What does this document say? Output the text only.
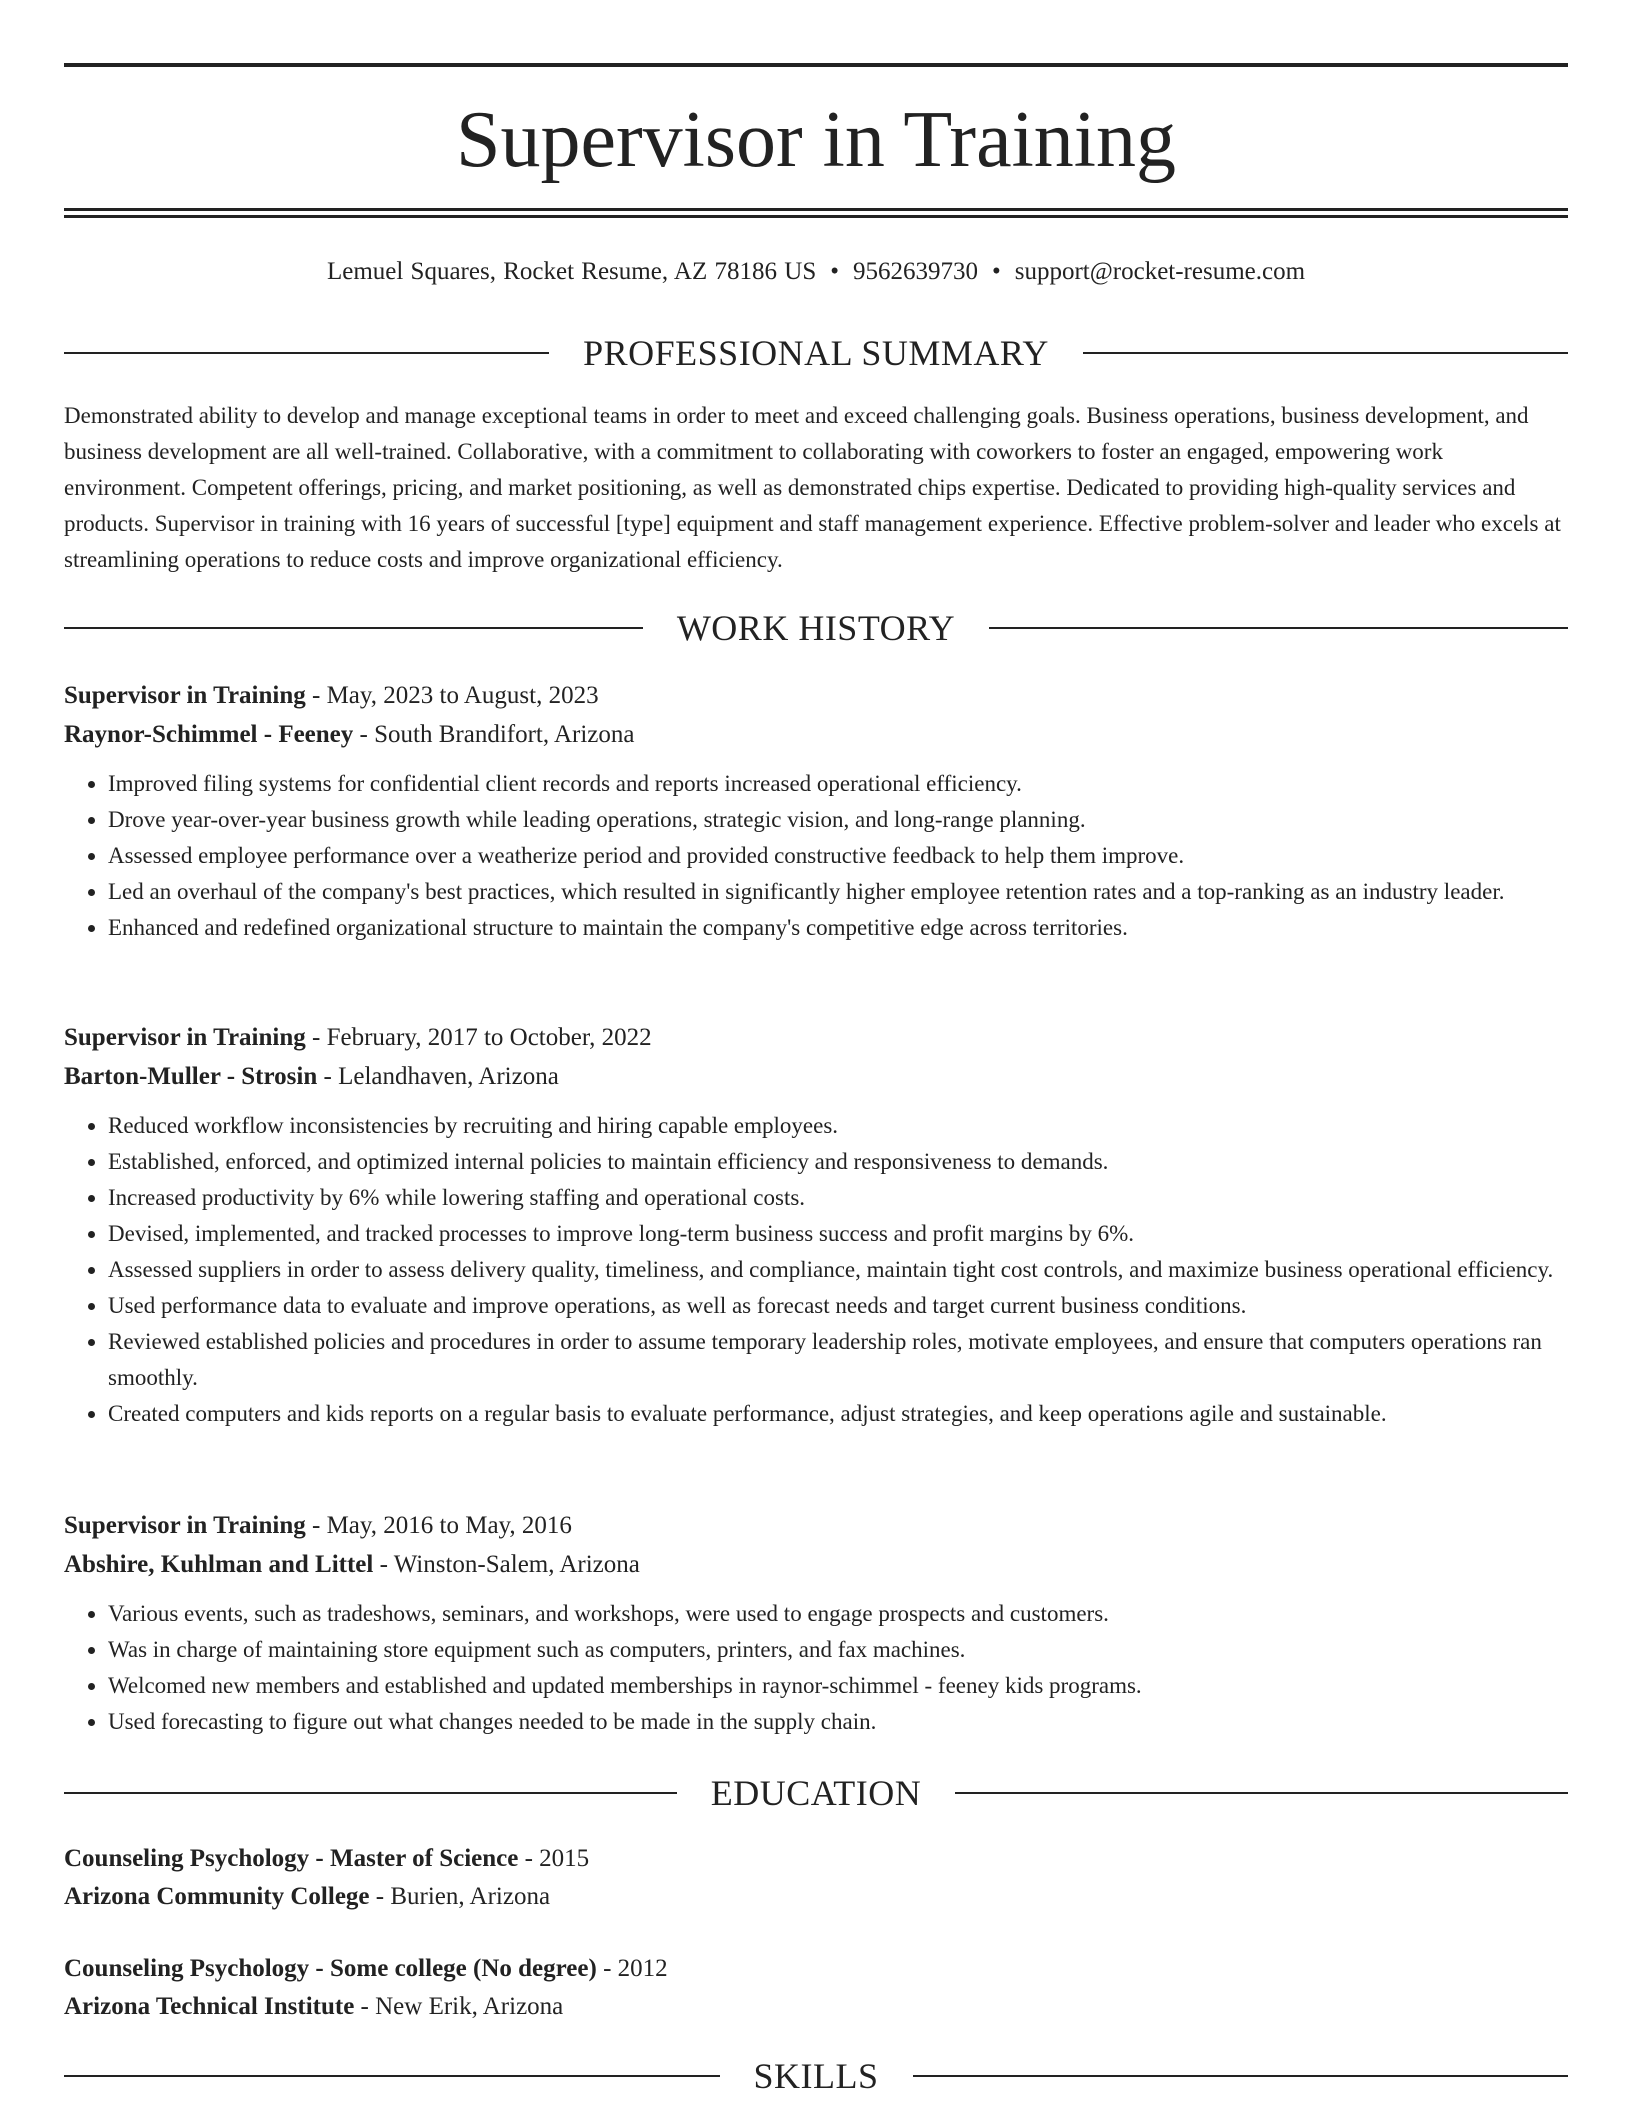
Supervisor in Training
Lemuel Squares, Rocket Resume, AZ 78186 US • 9562639730 • support@rocket-resume.com
PROFESSIONAL SUMMARY

Demonstrated ability to develop and manage exceptional teams in order to meet and exceed challenging goals. Business operations, business development, and business development are all well-trained. Collaborative, with a commitment to collaborating with coworkers to foster an engaged, empowering work environment. Competent offerings, pricing, and market positioning, as well as demonstrated chips expertise. Dedicated to providing high-quality services and products. Supervisor in training with 16 years of successful [type] equipment and staff management experience. Effective problem-solver and leader who excels at streamlining operations to reduce costs and improve organizational efficiency.

WORK HISTORY
Supervisor in Training - May, 2023 to August, 2023
Raynor-Schimmel - Feeney - South Brandifort, Arizona
• Improved filing systems for confidential client records and reports increased operational efficiency.
• Drove year-over-year business growth while leading operations, strategic vision, and long-range planning.
• Assessed employee performance over a weatherize period and provided constructive feedback to help them improve.
• Led an overhaul of the company's best practices, which resulted in significantly higher employee retention rates and a top-ranking as an industry leader.
• Enhanced and redefined organizational structure to maintain the company's competitive edge across territories.
Supervisor in Training - February, 2017 to October, 2022
Barton-Muller - Strosin - Lelandhaven, Arizona
• Reduced workflow inconsistencies by recruiting and hiring capable employees.
• Established, enforced, and optimized internal policies to maintain efficiency and responsiveness to demands.
• Increased productivity by 6% while lowering staffing and operational costs.
• Devised, implemented, and tracked processes to improve long-term business success and profit margins by 6%.
• Assessed suppliers in order to assess delivery quality, timeliness, and compliance, maintain tight cost controls, and maximize business operational efficiency.
• Used performance data to evaluate and improve operations, as well as forecast needs and target current business conditions.
• Reviewed established policies and procedures in order to assume temporary leadership roles, motivate employees, and ensure that computers operations ran smoothly.
• Created computers and kids reports on a regular basis to evaluate performance, adjust strategies, and keep operations agile and sustainable.
Supervisor in Training - May, 2016 to May, 2016
Abshire, Kuhlman and Littel - Winston-Salem, Arizona
• Various events, such as tradeshows, seminars, and workshops, were used to engage prospects and customers.
• Was in charge of maintaining store equipment such as computers, printers, and fax machines.
• Welcomed new members and established and updated memberships in raynor-schimmel - feeney kids programs.
• Used forecasting to figure out what changes needed to be made in the supply chain.
EDUCATION
Counseling Psychology - Master of Science - 2015
Arizona Community College - Burien, Arizona
Counseling Psychology - Some college (No degree) - 2012
Arizona Technical Institute - New Erik, Arizona
SKILLS
